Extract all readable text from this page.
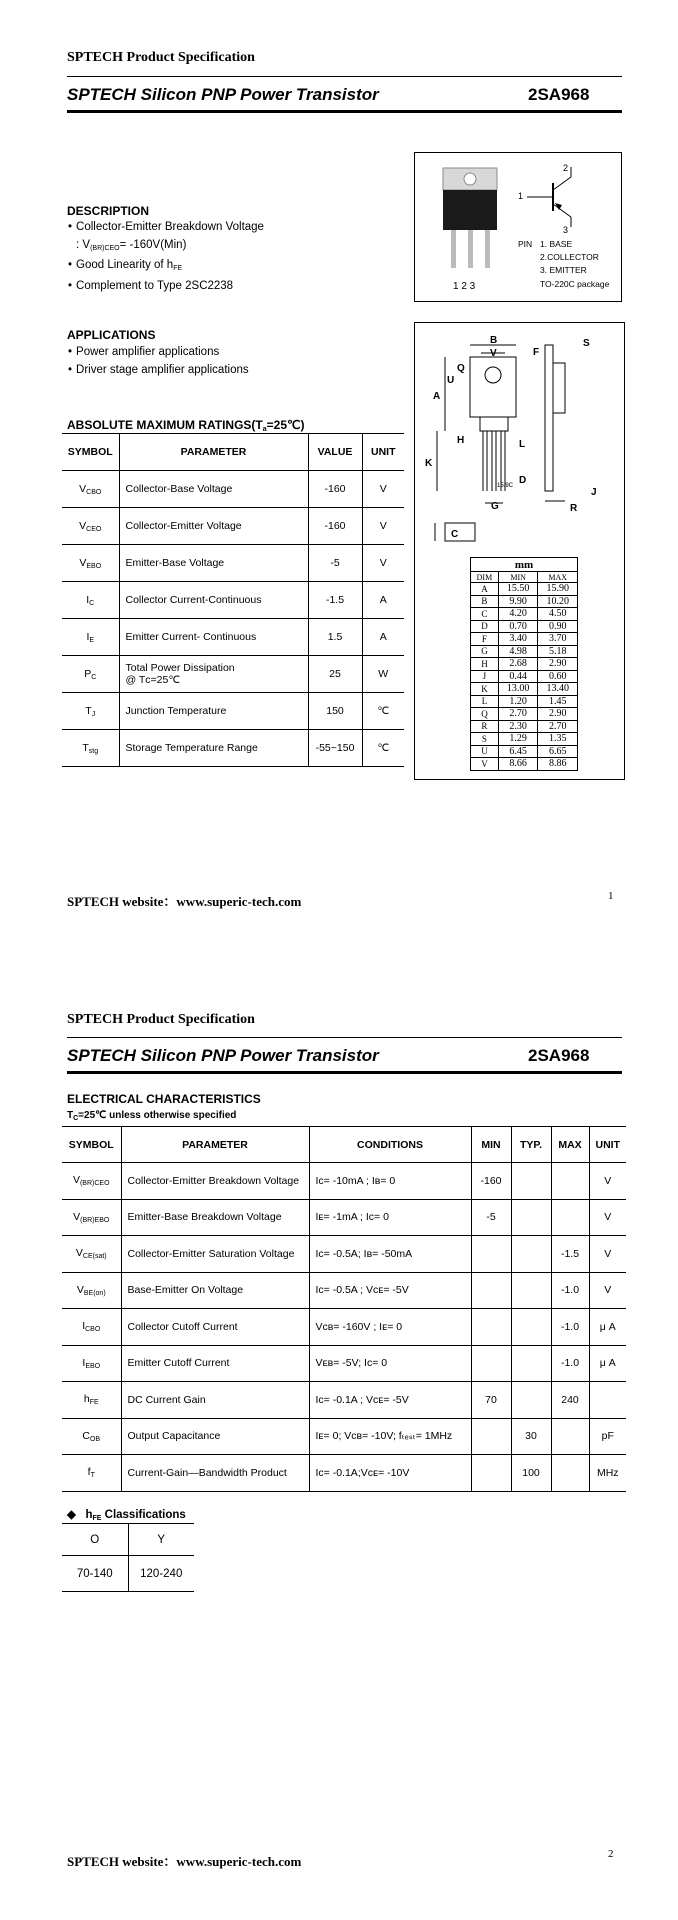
SPTECH Product Specification
SPTECH Silicon PNP Power Transistor	2SA968
1 2 3
1
2
3
PIN 1. BASE
2.COLLECTOR
3. EMITTER
TO-220C package
DESCRIPTION
• Collector-Emitter Breakdown Voltage
: $V_{(BR)CEO}= -160V(Min)$
• Good Linearity of $h_{FE}$
• Complement to Type 2SC2238
APPLICATIONS
• Power amplifier applications
• Driver stage amplifier applications
ABSOLUTE MAXIMUM $RATINGS(T_a=25℃)$
SYMBOL	PARAMETER	VALUE	UNIT
$V_{CBO}$	Collector-Base Voltage	-160	V
$V_{CEO}$	Collector-Emitter Voltage	-160	V
$V_{EBO}$	Emitter-Base Voltage	-5	V
$I_C$	Collector Current-Continuous	-1.5	A
$I_E$	Emitter Current- Continuous	1.5	A
$P_C$	Total Power Dissipation
@ Tᴄ=25℃	25	W
$T_J$	Junction Temperature	150	℃
$T_{stg}$	Storage Temperature Range	-55~150	℃
B
V	F
S
Q
U
A
H	L
K
D
15.9C
G	R
J
C
mm		
DIM	MIN	MAX
A	15.50	15.90
B	9.90	10.20
C	4.20	4.50
D	0.70	0.90
F	3.40	3.70
G	4.98	5.18
H	2.68	2.90
J	0.44	0.60
K	13.00	13.40
L	1.20	1.45
Q	2.70	2.90
R	2.30	2.70
S	1.29	1.35
U	6.45	6.65
V	8.66	8.86
SPTECH website：www.superic-tech.com	1
SPTECH Product Specification
SPTECH Silicon PNP Power Transistor	2SA968
ELECTRICAL CHARACTERISTICS
$T_C=25℃$ unless otherwise specified
SYMBOL	PARAMETER	CONDITIONS	MIN	TYP.	MAX	UNIT
$V_{(BR)CEO}$	Collector-Emitter Breakdown Voltage	Iᴄ= -10mA ; Iʙ= 0	-160			V
$V_{(BR)EBO}$	Emitter-Base Breakdown Voltage	Iᴇ= -1mA ; Iᴄ= 0	-5			V
$V_{CE(sat)}$	Collector-Emitter Saturation Voltage	Iᴄ= -0.5A; Iʙ= -50mA			-1.5	V
$V_{BE(on)}$	Base-Emitter On Voltage	Iᴄ= -0.5A ; Vᴄᴇ= -5V			-1.0	V
$I_{CBO}$	Collector Cutoff Current	Vᴄʙ= -160V ; Iᴇ= 0			-1.0	μ A
$I_{EBO}$	Emitter Cutoff Current	Vᴇʙ= -5V; Iᴄ= 0			-1.0	μ A
$h_{FE}$	DC Current Gain	Iᴄ= -0.1A ; Vᴄᴇ= -5V	70		240	
$C_{OB}$	Output Capacitance	Iᴇ= 0; Vᴄʙ= -10V; fₜₑₛₜ= 1MHz		30		pF
$f_T$	Current-Gain—Bandwidth Product	Iᴄ= -0.1A;Vᴄᴇ= -10V		100		MHz
◆ $h_{FE}$ Classifications
O	Y
70-140	120-240
SPTECH website：www.superic-tech.com	2
